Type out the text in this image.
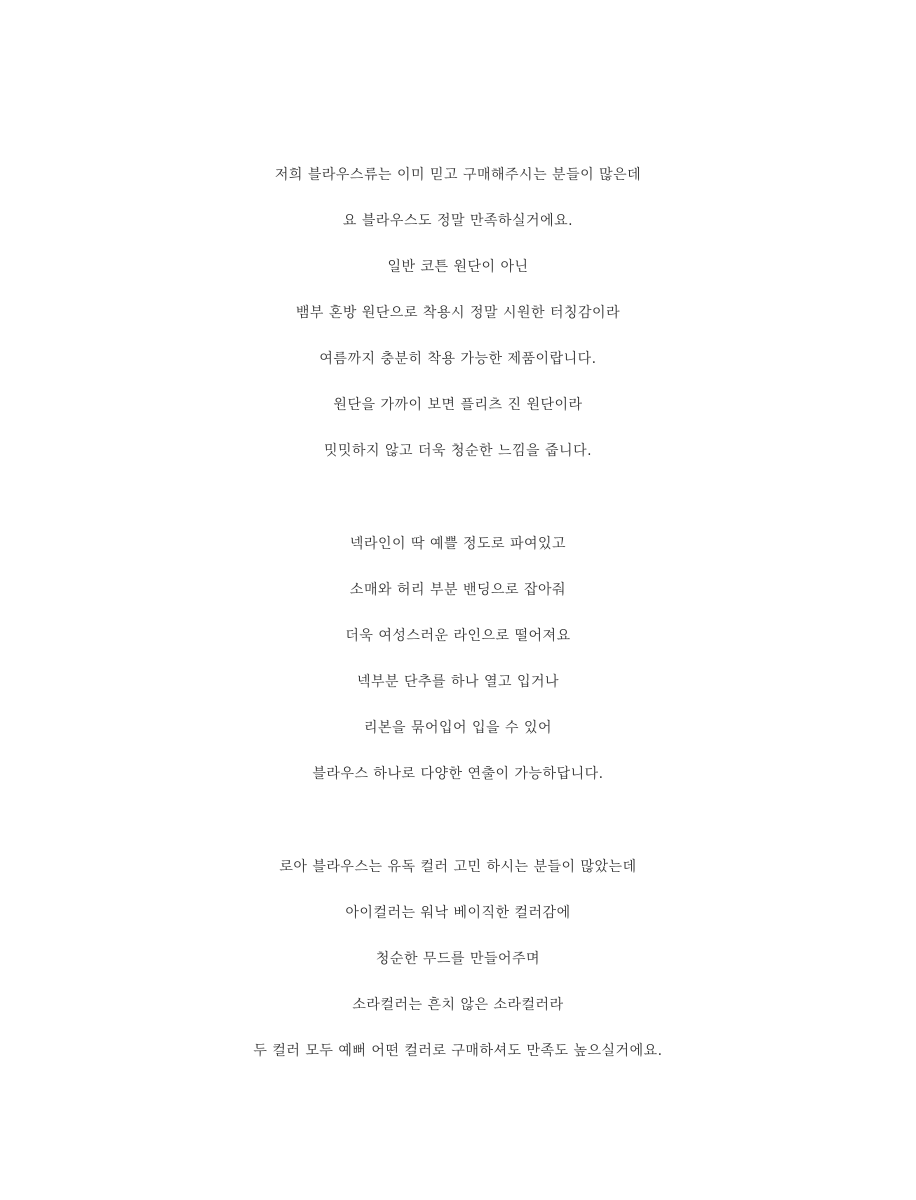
저희 블라우스류는 이미 믿고 구매해주시는 분들이 많은데
요 블라우스도 정말 만족하실거에요.
일반 코튼 원단이 아닌
뱀부 혼방 원단으로 착용시 정말 시원한 터칭감이라
여름까지 충분히 착용 가능한 제품이랍니다.
원단을 가까이 보면 플리츠 진 원단이라
밋밋하지 않고 더욱 청순한 느낌을 줍니다.
넥라인이 딱 예쁠 정도로 파여있고
소매와 허리 부분 밴딩으로 잡아줘
더욱 여성스러운 라인으로 떨어져요
넥부분 단추를 하나 열고 입거나
리본을 묶어입어 입을 수 있어
블라우스 하나로 다양한 연출이 가능하답니다.
로아 블라우스는 유독 컬러 고민 하시는 분들이 많았는데
아이컬러는 워낙 베이직한 컬러감에
청순한 무드를 만들어주며
소라컬러는 흔치 않은 소라컬러라
두 컬러 모두 예뻐 어떤 컬러로 구매하셔도 만족도 높으실거에요.
